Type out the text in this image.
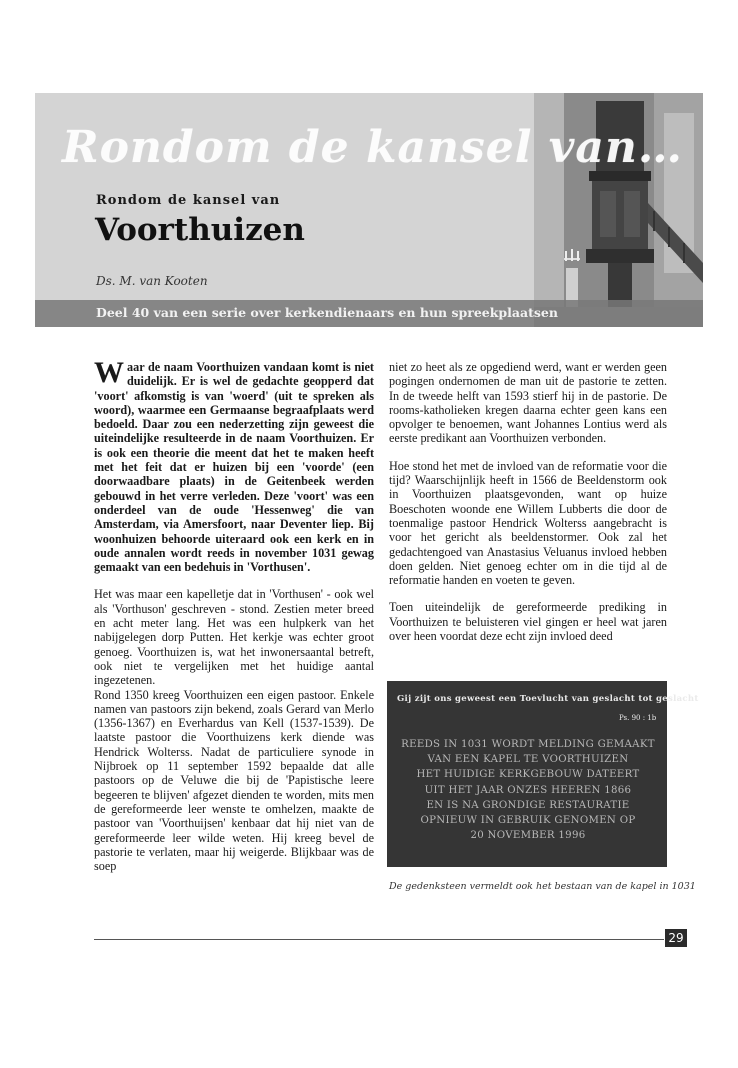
Rondom de kansel van…

Rondom de kansel van

Voorthuizen

Ds. M. van Kooten

Deel 40 van een serie over kerkendienaars en hun spreekplaatsen

Waar de naam Voorthuizen vandaan komt is niet duidelijk. Er is wel de gedachte geopperd dat 'voort' afkomstig is van 'woerd' (uit te spreken als woord), waarmee een Germaanse begraafplaats werd bedoeld. Daar zou een nederzetting zijn geweest die uiteindelijke resulteerde in de naam Voorthuizen. Er is ook een theorie die meent dat het te maken heeft met het feit dat er huizen bij een 'voorde' (een doorwaadbare plaats) in de Geitenbeek werden gebouwd in het verre verleden. Deze 'voort' was een onderdeel van de oude 'Hessenweg' die van Amsterdam, via Amersfoort, naar Deventer liep. Bij woonhuizen behoorde uiteraard ook een kerk en in oude annalen wordt reeds in november 1031 gewag gemaakt van een bedehuis in 'Vorthusen'.

Het was maar een kapelletje dat in 'Vorthusen' - ook wel als 'Vorthuson' geschreven - stond. Zestien meter breed en acht meter lang. Het was een hulpkerk van het nabijgelegen dorp Putten. Het kerkje was echter groot genoeg. Voorthuizen is, wat het inwonersaantal betreft, ook niet te vergelijken met het huidige aantal ingezetenen.

Rond 1350 kreeg Voorthuizen een eigen pastoor. Enkele namen van pastoors zijn bekend, zoals Gerard van Merlo (1356-1367) en Everhardus van Kell (1537-1539). De laatste pastoor die Voorthuizens kerk diende was Hendrick Wolterss. Nadat de particuliere synode in Nijbroek op 11 september 1592 bepaalde dat alle pastoors op de Veluwe die bij de 'Papistische leere begeeren te blijven' afgezet dienden te worden, mits men de gereformeerde leer wenste te omhelzen, maakte de pastoor van 'Voorthuijsen' kenbaar dat hij niet van de gereformeerde leer wilde weten. Hij kreeg bevel de pastorie te verlaten, maar hij weigerde. Blijkbaar was de soep

niet zo heet als ze opgediend werd, want er werden geen pogingen ondernomen de man uit de pastorie te zetten. In de tweede helft van 1593 stierf hij in de pastorie. De rooms-katholieken kregen daarna echter geen kans een opvolger te benoemen, want Johannes Lontius werd als eerste predikant aan Voorthuizen verbonden.

Hoe stond het met de invloed van de reformatie voor die tijd? Waarschijnlijk heeft in 1566 de Beeldenstorm ook in Voorthuizen plaatsgevonden, want op huize Boeschoten woonde ene Willem Lubberts die door de toenmalige pastoor Hendrick Wolterss aangebracht is voor het gericht als beeldenstormer. Ook zal het gedachtengoed van Anastasius Veluanus invloed hebben doen gelden. Niet genoeg echter om in die tijd al de reformatie handen en voeten te geven.

Toen uiteindelijk de gereformeerde prediking in Voorthuizen te beluisteren viel gingen er heel wat jaren over heen voordat deze echt zijn invloed deed

Gij zijt ons geweest een Toevlucht van geslacht tot geslacht
Ps. 90 : 1b
REEDS IN 1031 WORDT MELDING GEMAAKT
VAN EEN KAPEL TE VOORTHUIZEN
HET HUIDIGE KERKGEBOUW DATEERT
UIT HET JAAR ONZES HEEREN 1866
EN IS NA GRONDIGE RESTAURATIE
OPNIEUW IN GEBRUIK GENOMEN OP
20 NOVEMBER 1996

De gedenksteen vermeldt ook het bestaan van de kapel in 1031

29
